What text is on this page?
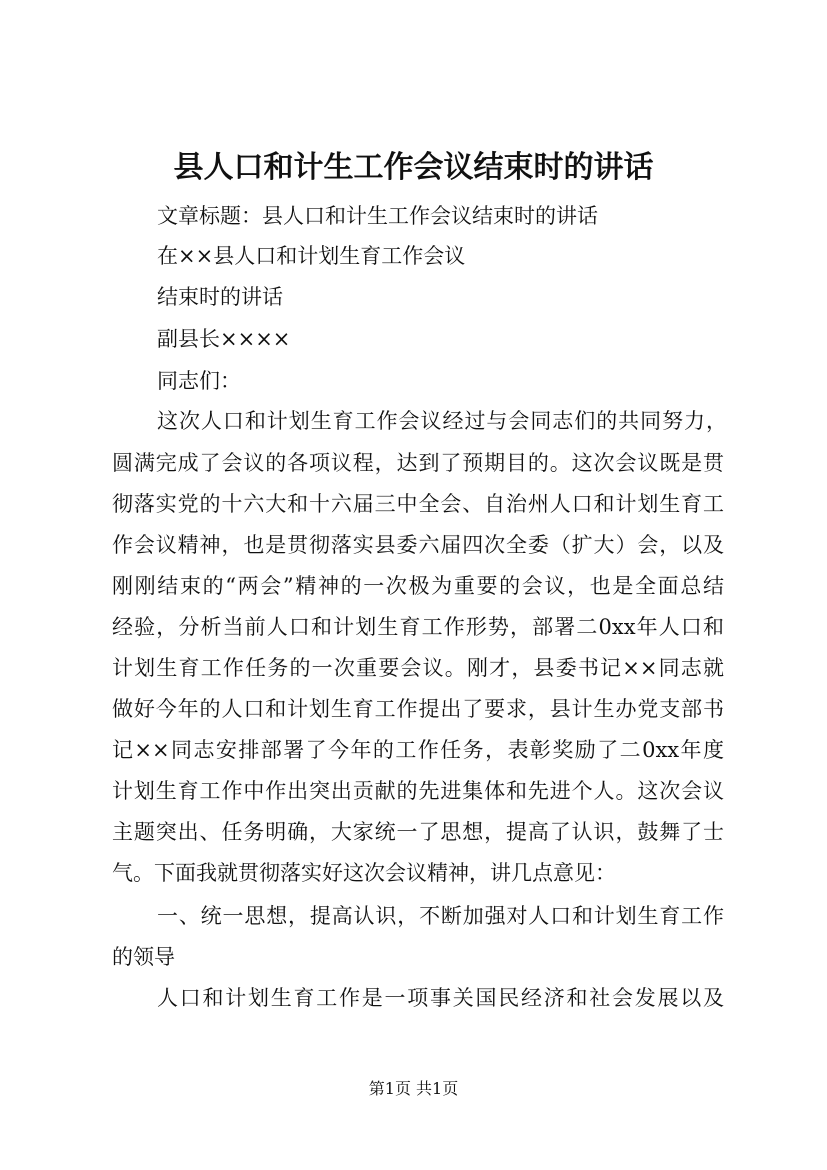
县人口和计生工作会议结束时的讲话
文章标题：县人口和计生工作会议结束时的讲话
在××县人口和计划生育工作会议
结束时的讲话
副县长××××
同志们：
这次人口和计划生育工作会议经过与会同志们的共同努力，
圆满完成了会议的各项议程，达到了预期目的。这次会议既是贯
彻落实党的十六大和十六届三中全会、自治州人口和计划生育工
作会议精神，也是贯彻落实县委六届四次全委（扩大）会，以及
刚刚结束的“两会”精神的一次极为重要的会议，也是全面总结
经验，分析当前人口和计划生育工作形势，部署二0xx年人口和
计划生育工作任务的一次重要会议。刚才，县委书记××同志就
做好今年的人口和计划生育工作提出了要求，县计生办党支部书
记××同志安排部署了今年的工作任务，表彰奖励了二0xx年度
计划生育工作中作出突出贡献的先进集体和先进个人。这次会议
主题突出、任务明确，大家统一了思想，提高了认识，鼓舞了士
气。下面我就贯彻落实好这次会议精神，讲几点意见：
一、统一思想，提高认识，不断加强对人口和计划生育工作
的领导
人口和计划生育工作是一项事关国民经济和社会发展以及
第1页 共1页
